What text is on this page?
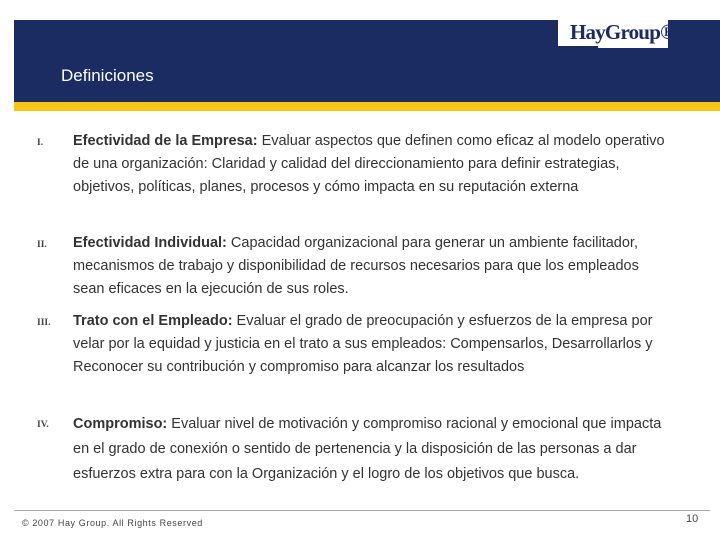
HayGroup®
Definiciones
I. Efectividad de la Empresa: Evaluar aspectos que definen como eficaz al modelo operativo de una organización: Claridad y calidad del direccionamiento para definir estrategias, objetivos, políticas, planes, procesos y cómo impacta en su reputación externa
II. Efectividad Individual: Capacidad organizacional para generar un ambiente facilitador, mecanismos de trabajo y disponibilidad de recursos necesarios para que los empleados sean eficaces en la ejecución de sus roles.
III. Trato con el Empleado: Evaluar el grado de preocupación y esfuerzos de la empresa por velar por la equidad y justicia en el trato a sus empleados: Compensarlos, Desarrollarlos y Reconocer su contribución y compromiso para alcanzar los resultados
IV. Compromiso: Evaluar nivel de motivación y compromiso racional y emocional que impacta en el grado de conexión o sentido de pertenencia y la disposición de las personas a dar esfuerzos extra para con la Organización y el logro de los objetivos que busca.
© 2007 Hay Group. All Rights Reserved	10
